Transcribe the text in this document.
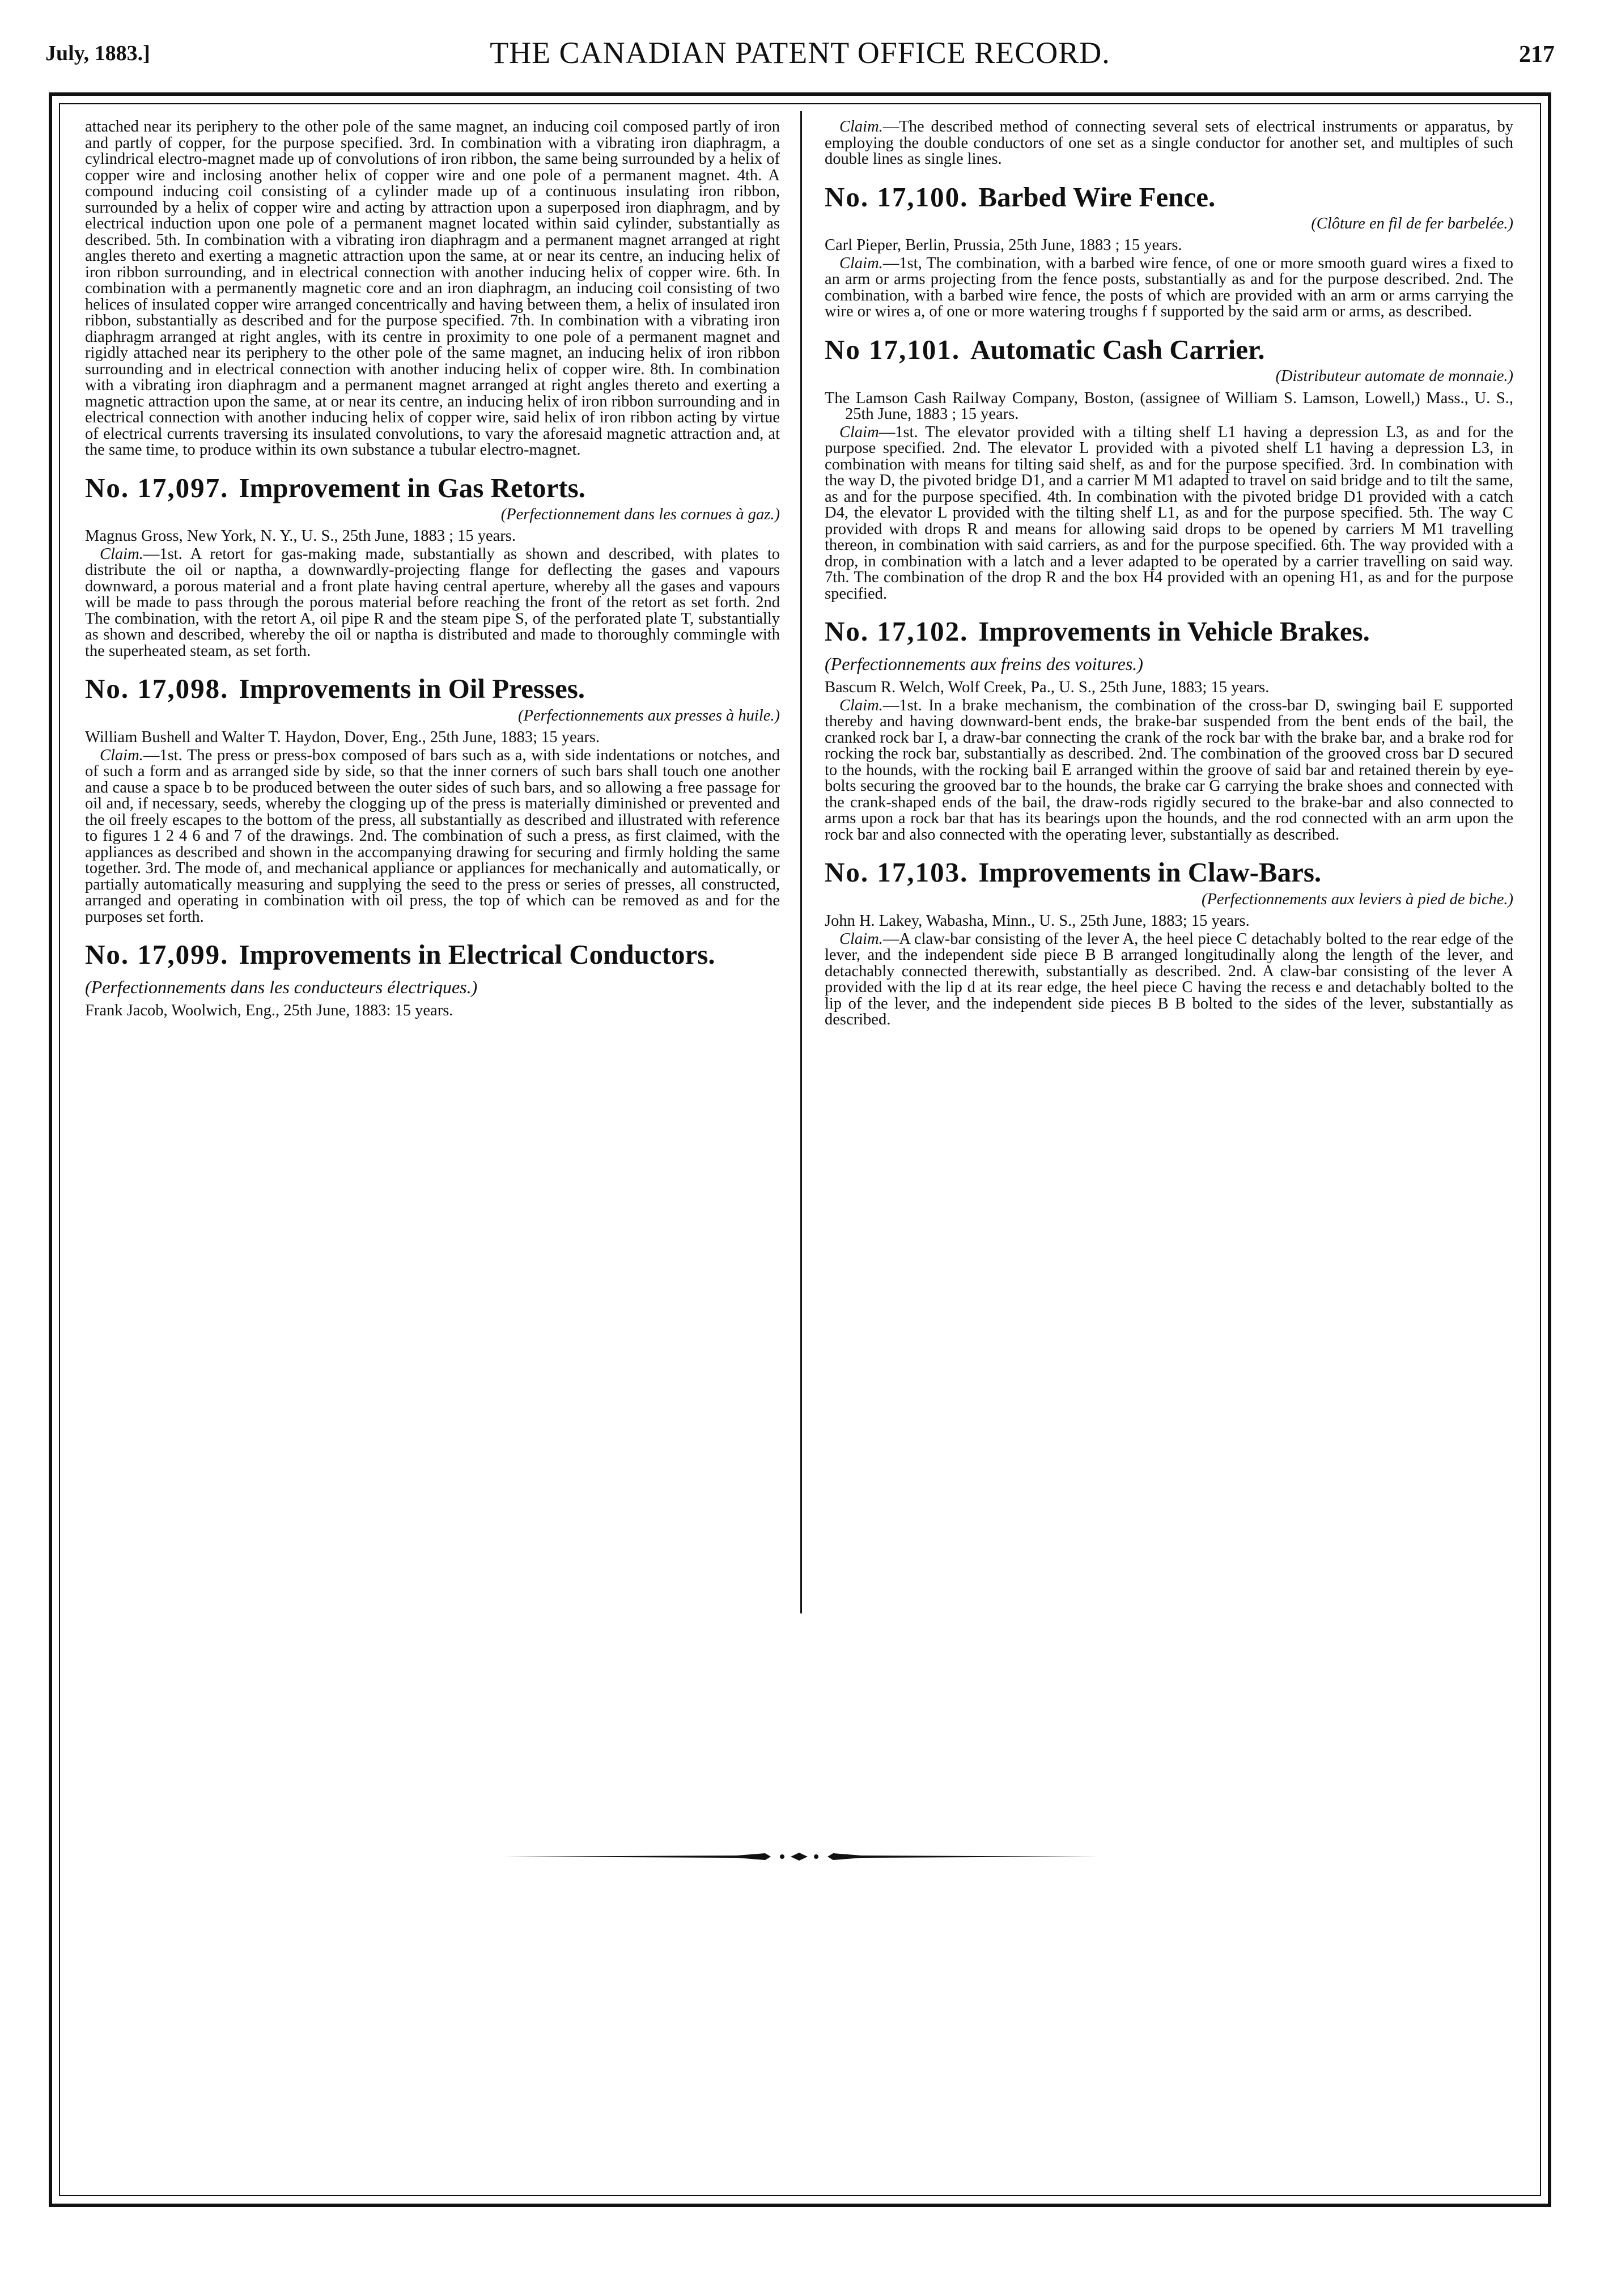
July, 1883.]	THE CANADIAN PATENT OFFICE RECORD.	217

attached near its periphery to the other pole of the same magnet, an inducing coil composed partly of iron and partly of copper, for the purpose specified. 3rd. In combination with a vibrating iron diaphragm, a cylindrical electro-magnet made up of convolutions of iron ribbon, the same being surrounded by a helix of copper wire and inclosing another helix of copper wire and one pole of a permanent magnet. 4th. A compound inducing coil consisting of a cylinder made up of a continuous insulating iron ribbon, surrounded by a helix of copper wire and acting by attraction upon a superposed iron diaphragm, and by electrical induction upon one pole of a permanent magnet located within said cylinder, substantially as described. 5th. In combination with a vibrating iron diaphragm and a permanent magnet arranged at right angles thereto and exerting a magnetic attraction upon the same, at or near its centre, an inducing helix of iron ribbon surrounding, and in electrical connection with another inducing helix of copper wire. 6th. In combination with a permanently magnetic core and an iron diaphragm, an inducing coil consisting of two helices of insulated copper wire arranged concentrically and having between them, a helix of insulated iron ribbon, substantially as described and for the purpose specified. 7th. In combination with a vibrating iron diaphragm arranged at right angles, with its centre in proximity to one pole of a permanent magnet and rigidly attached near its periphery to the other pole of the same magnet, an inducing helix of iron ribbon surrounding and in electrical connection with another inducing helix of copper wire. 8th. In combination with a vibrating iron diaphragm and a permanent magnet arranged at right angles thereto and exerting a magnetic attraction upon the same, at or near its centre, an inducing helix of iron ribbon surrounding and in electrical connection with another inducing helix of copper wire, said helix of iron ribbon acting by virtue of electrical currents traversing its insulated convolutions, to vary the aforesaid magnetic attraction and, at the same time, to produce within its own substance a tubular electro-magnet.

No. 17,097. Improvement in Gas Retorts.
(Perfectionnement dans les cornues à gaz.)

Magnus Gross, New York, N. Y., U. S., 25th June, 1883 ; 15 years.

Claim.—1st. A retort for gas-making made, substantially as shown and described, with plates to distribute the oil or naptha, a downwardly-projecting flange for deflecting the gases and vapours downward, a porous material and a front plate having central aperture, whereby all the gases and vapours will be made to pass through the porous material before reaching the front of the retort as set forth. 2nd The combination, with the retort A, oil pipe R and the steam pipe S, of the perforated plate T, substantially as shown and described, whereby the oil or naptha is distributed and made to thoroughly commingle with the superheated steam, as set forth.

No. 17,098. Improvements in Oil Presses.
(Perfectionnements aux presses à huile.)

William Bushell and Walter T. Haydon, Dover, Eng., 25th June, 1883; 15 years.

Claim.—1st. The press or press-box composed of bars such as a, with side indentations or notches, and of such a form and as arranged side by side, so that the inner corners of such bars shall touch one another and cause a space b to be produced between the outer sides of such bars, and so allowing a free passage for oil and, if necessary, seeds, whereby the clogging up of the press is materially diminished or prevented and the oil freely escapes to the bottom of the press, all substantially as described and illustrated with reference to figures 1 2 4 6 and 7 of the drawings. 2nd. The combination of such a press, as first claimed, with the appliances as described and shown in the accompanying drawing for securing and firmly holding the same together. 3rd. The mode of, and mechanical appliance or appliances for mechanically and automatically, or partially automatically measuring and supplying the seed to the press or series of presses, all constructed, arranged and operating in combination with oil press, the top of which can be removed as and for the purposes set forth.

No. 17,099. Improvements in Electrical Conductors. (Perfectionnements dans les conducteurs électriques.)

Frank Jacob, Woolwich, Eng., 25th June, 1883: 15 years.

Claim.—The described method of connecting several sets of electrical instruments or apparatus, by employing the double conductors of one set as a single conductor for another set, and multiples of such double lines as single lines.

No. 17,100. Barbed Wire Fence.
(Clôture en fil de fer barbelée.)

Carl Pieper, Berlin, Prussia, 25th June, 1883 ; 15 years.

Claim.—1st, The combination, with a barbed wire fence, of one or more smooth guard wires a fixed to an arm or arms projecting from the fence posts, substantially as and for the purpose described. 2nd. The combination, with a barbed wire fence, the posts of which are provided with an arm or arms carrying the wire or wires a, of one or more watering troughs f f supported by the said arm or arms, as described.

No 17,101. Automatic Cash Carrier.
(Distributeur automate de monnaie.)

The Lamson Cash Railway Company, Boston, (assignee of William S. Lamson, Lowell,) Mass., U. S., 25th June, 1883 ; 15 years.

Claim—1st. The elevator provided with a tilting shelf L1 having a depression L3, as and for the purpose specified. 2nd. The elevator L provided with a pivoted shelf L1 having a depression L3, in combination with means for tilting said shelf, as and for the purpose specified. 3rd. In combination with the way D, the pivoted bridge D1, and a carrier M M1 adapted to travel on said bridge and to tilt the same, as and for the purpose specified. 4th. In combination with the pivoted bridge D1 provided with a catch D4, the elevator L provided with the tilting shelf L1, as and for the purpose specified. 5th. The way C provided with drops R and means for allowing said drops to be opened by carriers M M1 travelling thereon, in combination with said carriers, as and for the purpose specified. 6th. The way provided with a drop, in combination with a latch and a lever adapted to be operated by a carrier travelling on said way. 7th. The combination of the drop R and the box H4 provided with an opening H1, as and for the purpose specified.

No. 17,102. Improvements in Vehicle Brakes. (Perfectionnements aux freins des voitures.)

Bascum R. Welch, Wolf Creek, Pa., U. S., 25th June, 1883; 15 years.

Claim.—1st. In a brake mechanism, the combination of the cross-bar D, swinging bail E supported thereby and having downward-bent ends, the brake-bar suspended from the bent ends of the bail, the cranked rock bar I, a draw-bar connecting the crank of the rock bar with the brake bar, and a brake rod for rocking the rock bar, substantially as described. 2nd. The combination of the grooved cross bar D secured to the hounds, with the rocking bail E arranged within the groove of said bar and retained therein by eye-bolts securing the grooved bar to the hounds, the brake car G carrying the brake shoes and connected with the crank-shaped ends of the bail, the draw-rods rigidly secured to the brake-bar and also connected to arms upon a rock bar that has its bearings upon the hounds, and the rod connected with an arm upon the rock bar and also connected with the operating lever, substantially as described.

No. 17,103. Improvements in Claw-Bars.
(Perfectionnements aux leviers à pied de biche.)

John H. Lakey, Wabasha, Minn., U. S., 25th June, 1883; 15 years.

Claim.—A claw-bar consisting of the lever A, the heel piece C detachably bolted to the rear edge of the lever, and the independent side piece B B arranged longitudinally along the length of the lever, and detachably connected therewith, substantially as described. 2nd. A claw-bar consisting of the lever A provided with the lip d at its rear edge, the heel piece C having the recess e and detachably bolted to the lip of the lever, and the independent side pieces B B bolted to the sides of the lever, substantially as described.
